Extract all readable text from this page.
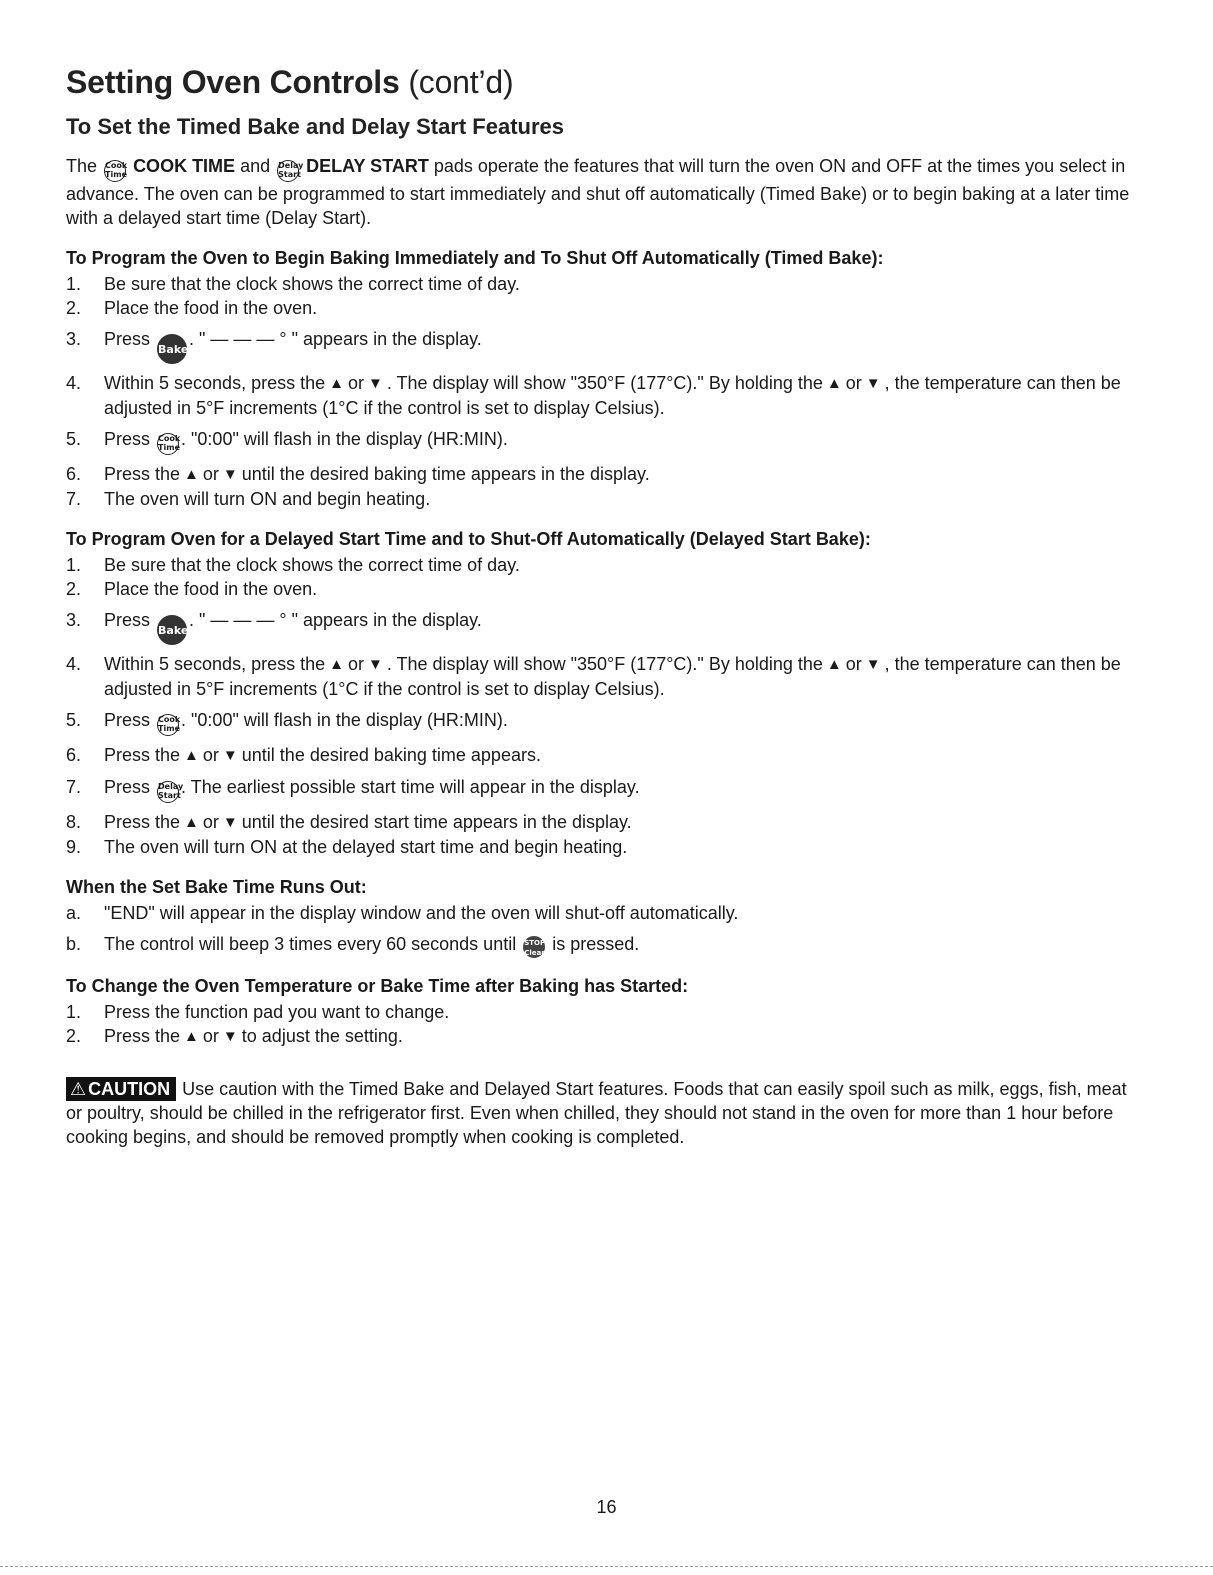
Setting Oven Controls (cont’d)
To Set the Timed Bake and Delay Start Features

The Cook Time COOK TIME and Delay Start DELAY START pads operate the features that will turn the oven ON and OFF at the times you select in advance. The oven can be programmed to start immediately and shut off automatically (Timed Bake) or to begin baking at a later time with a delayed start time (Delay Start).

To Program the Oven to Begin Baking Immediately and To Shut Off Automatically (Timed Bake):
1. Be sure that the clock shows the correct time of day.
2. Place the food in the oven.
3. Press Bake. " — — — ° " appears in the display.
4. Within 5 seconds, press the ▲ or ▼ . The display will show "350°F (177°C)." By holding the ▲ or ▼ , the temperature can then be adjusted in 5°F increments (1°C if the control is set to display Celsius).
5. Press Cook Time. "0:00" will flash in the display (HR:MIN).
6. Press the ▲ or ▼ until the desired baking time appears in the display.
7. The oven will turn ON and begin heating.
To Program Oven for a Delayed Start Time and to Shut-Off Automatically (Delayed Start Bake):
1. Be sure that the clock shows the correct time of day.
2. Place the food in the oven.
3. Press Bake. " — — — ° " appears in the display.
4. Within 5 seconds, press the ▲ or ▼ . The display will show "350°F (177°C)." By holding the ▲ or ▼ , the temperature can then be adjusted in 5°F increments (1°C if the control is set to display Celsius).
5. Press Cook Time. "0:00" will flash in the display (HR:MIN).
6. Press the ▲ or ▼ until the desired baking time appears.
7. Press Delay Start. The earliest possible start time will appear in the display.
8. Press the ▲ or ▼ until the desired start time appears in the display.
9. The oven will turn ON at the delayed start time and begin heating.
When the Set Bake Time Runs Out:
a. "END" will appear in the display window and the oven will shut-off automatically.
b. The control will beep 3 times every 60 seconds until STOP Clear is pressed.
To Change the Oven Temperature or Bake Time after Baking has Started:
1. Press the function pad you want to change.
2. Press the ▲ or ▼ to adjust the setting.

⚠ CAUTION Use caution with the Timed Bake and Delayed Start features. Foods that can easily spoil such as milk, eggs, fish, meat or poultry, should be chilled in the refrigerator first. Even when chilled, they should not stand in the oven for more than 1 hour before cooking begins, and should be removed promptly when cooking is completed.

16
